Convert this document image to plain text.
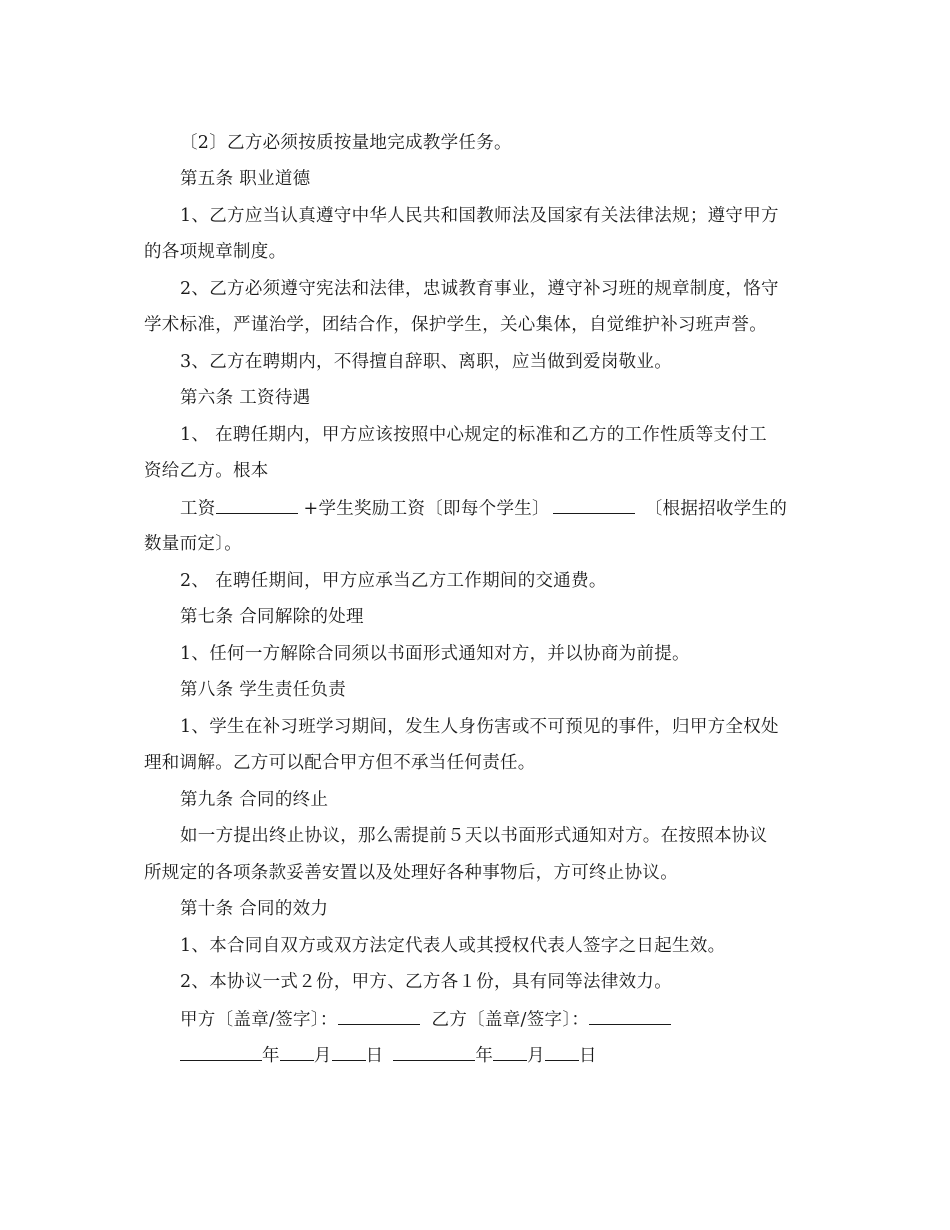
〔2〕乙方必须按质按量地完成教学任务。
第五条 职业道德
1、乙方应当认真遵守中华人民共和国教师法及国家有关法律法规；遵守甲方
的各项规章制度。
2、乙方必须遵守宪法和法律，忠诚教育事业，遵守补习班的规章制度，恪守
学术标准，严谨治学，团结合作，保护学生，关心集体，自觉维护补习班声誉。
3、乙方在聘期内，不得擅自辞职、离职，应当做到爱岗敬业。
第六条 工资待遇
1、 在聘任期内，甲方应该按照中心规定的标准和乙方的工作性质等支付工
资给乙方。根本
工资	+学生奖励工资〔即每个学生〕	〔根据招收学生的
数量而定〕。
2、 在聘任期间，甲方应承当乙方工作期间的交通费。
第七条 合同解除的处理
1、任何一方解除合同须以书面形式通知对方，并以协商为前提。
第八条 学生责任负责
1、学生在补习班学习期间，发生人身伤害或不可预见的事件，归甲方全权处
理和调解。乙方可以配合甲方但不承当任何责任。
第九条 合同的终止
如一方提出终止协议，那么需提前５天以书面形式通知对方。在按照本协议
所规定的各项条款妥善安置以及处理好各种事物后，方可终止协议。
第十条 合同的效力
1、本合同自双方或双方法定代表人或其授权代表人签字之日起生效。
2、本协议一式２份，甲方、乙方各１份，具有同等法律效力。
甲方〔盖章/签字〕：	乙方〔盖章/签字〕：
年 月 日	年 月 日
